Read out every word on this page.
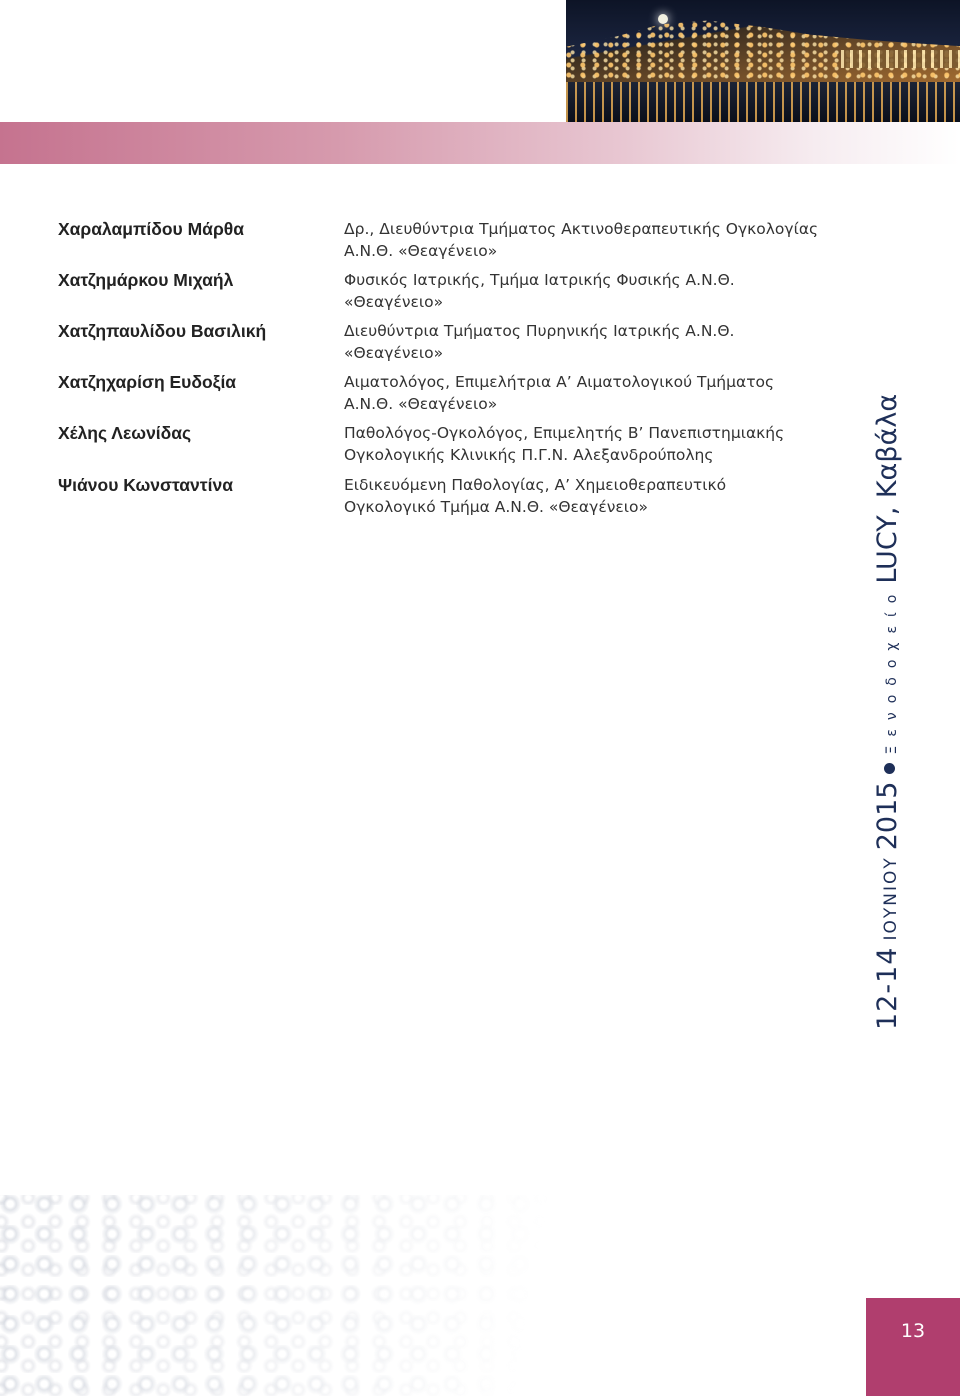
Χαραλαμπίδου Μάρθα	Δρ., Διευθύντρια Τμήματος Ακτινοθεραπευτικής Ογκολογίας
Α.Ν.Θ. «Θεαγένειο»
Χατζημάρκου Μιχαήλ	Φυσικός Ιατρικής, Τμήμα Ιατρικής Φυσικής Α.Ν.Θ.
«Θεαγένειο»
Χατζηπαυλίδου Βασιλική	Διευθύντρια Τμήματος Πυρηνικής Ιατρικής Α.Ν.Θ.
«Θεαγένειο»
Χατζηχαρίση Ευδοξία	Αιματολόγος, Επιμελήτρια Α’ Αιματολογικού Τμήματος
Α.Ν.Θ. «Θεαγένειο»
Χέλης Λεωνίδας	Παθολόγος-Ογκολόγος, Επιμελητής Β’ Πανεπιστημιακής
Ογκολογικής Κλινικής Π.Γ.Ν. Αλεξανδρούπολης
Ψιάνου Κωνσταντίνα	Ειδικευόμενη Παθολογίας, Α’ Χημειοθεραπευτικό
Ογκολογικό Τμήμα Α.Ν.Θ. «Θεαγένειο»
12-14ΙΟΥΝΙΟΥ2015ΞενοδοχείοLUCY, Καβάλα
13
